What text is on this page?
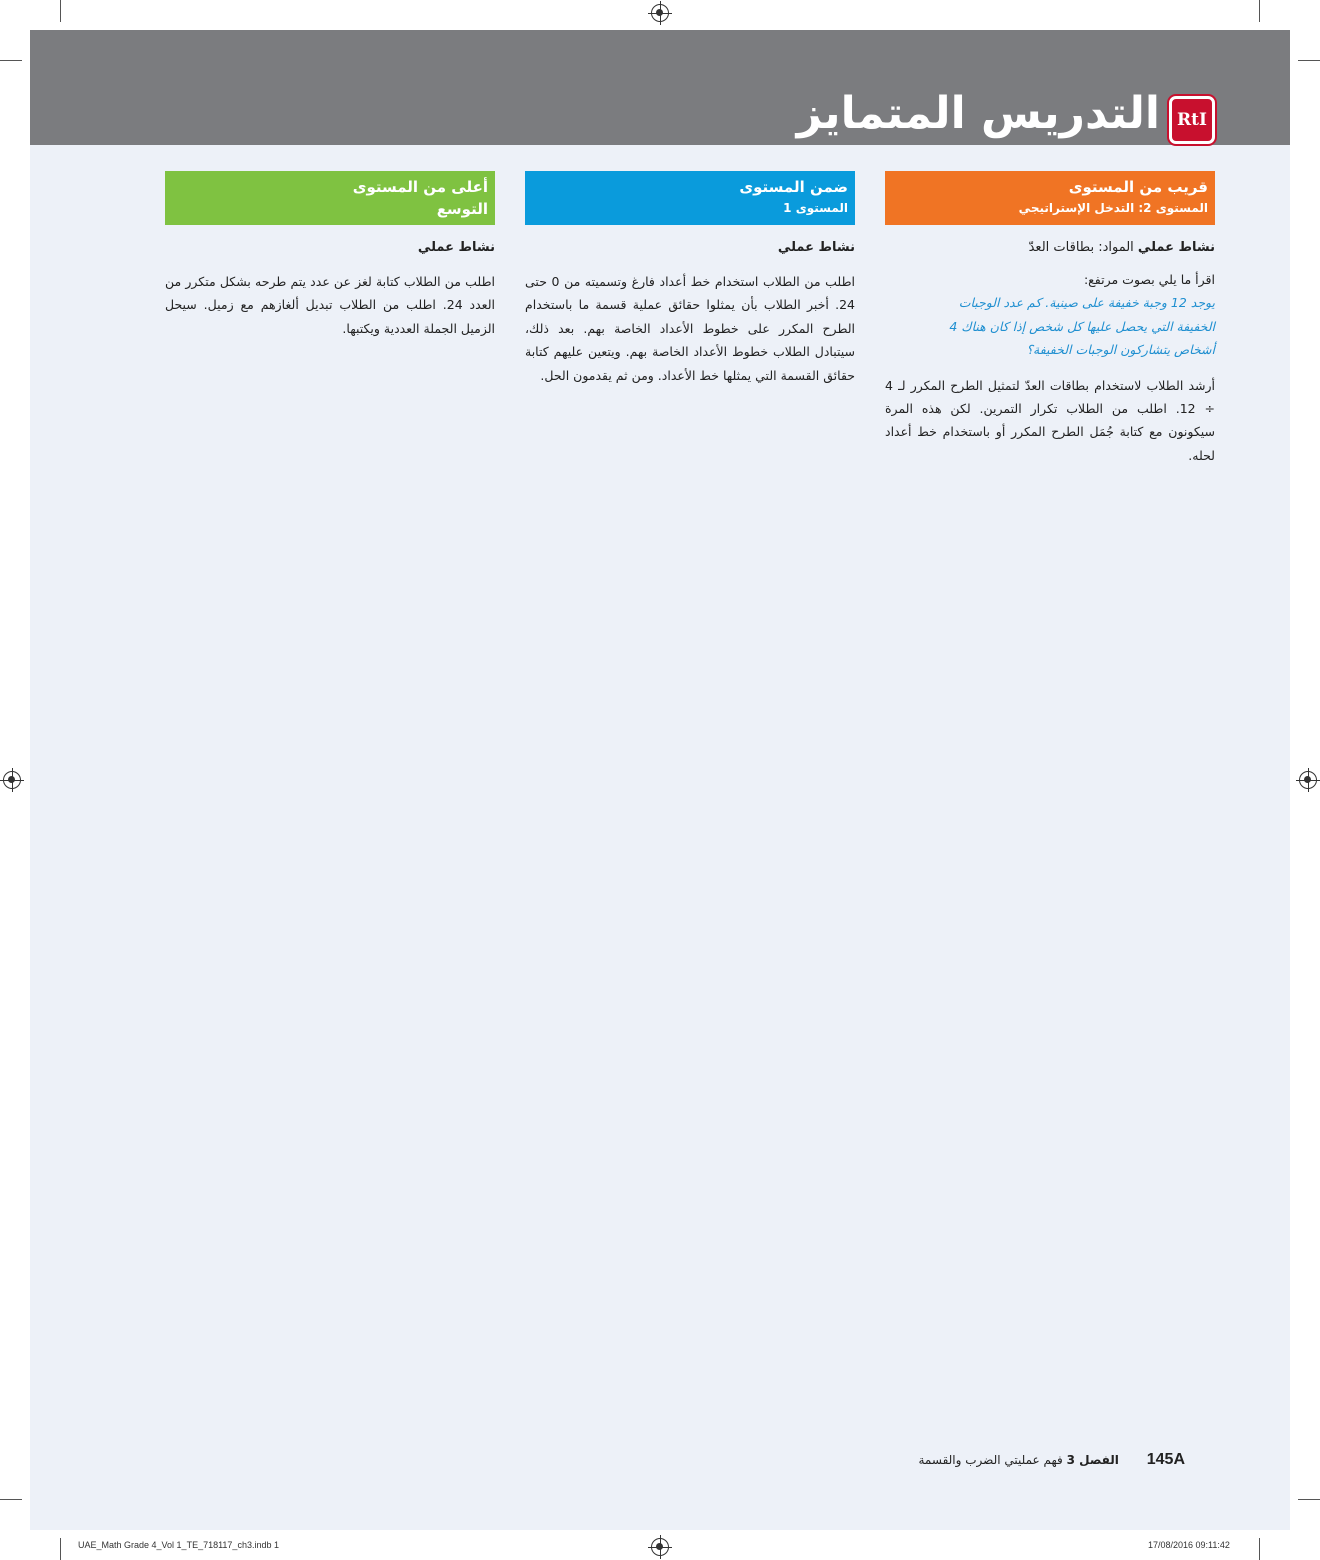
التدريس المتمايز	RtI
قريب من المستوى
المستوى 2: التدخل الإستراتيجي
نشاط عملي المواد: بطاقات العدّ
اقرأ ما يلي بصوت مرتفع:
يوجد 12 وجبة خفيفة على صينية. كم عدد الوجبات
الخفيفة التي يحصل عليها كل شخص إذا كان هناك 4
أشخاص يتشاركون الوجبات الخفيفة؟
أرشد الطلاب لاستخدام بطاقات العدّ لتمثيل الطرح المكرر لـ 4 ÷ 12. اطلب من الطلاب تكرار التمرين. لكن هذه المرة سيكونون مع كتابة جُمَل الطرح المكرر أو باستخدام خط أعداد لحله.
ضمن المستوى
المستوى 1
نشاط عملي
اطلب من الطلاب استخدام خط أعداد فارغ وتسميته من 0 حتى 24. أخبر الطلاب بأن يمثلوا حقائق عملية قسمة ما باستخدام الطرح المكرر على خطوط الأعداد الخاصة بهم. بعد ذلك، سيتبادل الطلاب خطوط الأعداد الخاصة بهم. ويتعين عليهم كتابة حقائق القسمة التي يمثلها خط الأعداد. ومن ثم يقدمون الحل.
أعلى من المستوى
التوسع
نشاط عملي
اطلب من الطلاب كتابة لغز عن عدد يتم طرحه بشكل متكرر من العدد 24. اطلب من الطلاب تبديل ألغازهم مع زميل. سيحل الزميل الجملة العددية ويكتبها.
145A الفصل 3 فهم عمليتي الضرب والقسمة
UAE_Math Grade 4_Vol 1_TE_718117_ch3.indb 1	17/08/2016 09:11:42
